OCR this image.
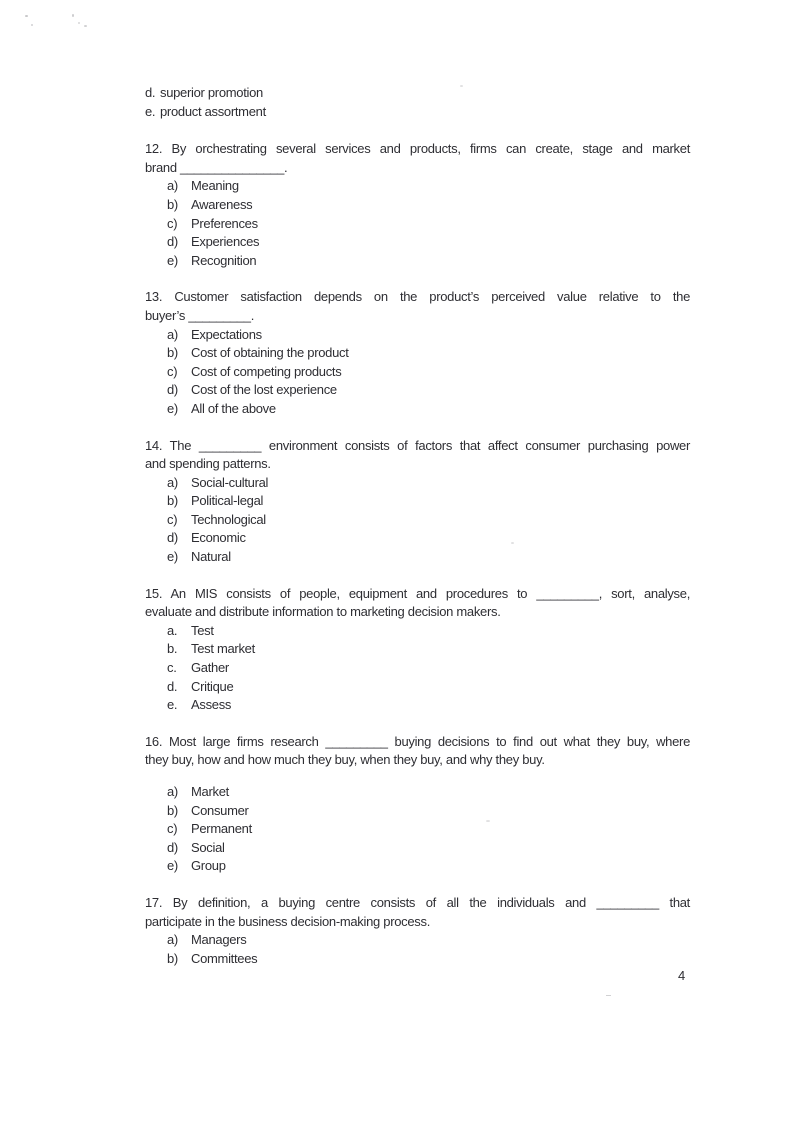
d. superior promotion
e. product assortment

12. By orchestrating several services and products, firms can create, stage and market
brand _______________.

a) Meaning
b) Awareness
c) Preferences
d) Experiences
e) Recognition

13. Customer satisfaction depends on the product’s perceived value relative to the
buyer’s _________.

a) Expectations
b) Cost of obtaining the product
c) Cost of competing products
d) Cost of the lost experience
e) All of the above

14. The _________ environment consists of factors that affect consumer purchasing power
and spending patterns.

a) Social-cultural
b) Political-legal
c) Technological
d) Economic
e) Natural

15. An MIS consists of people, equipment and procedures to _________, sort, analyse,
evaluate and distribute information to marketing decision makers.

a. Test
b. Test market
c. Gather
d. Critique
e. Assess

16. Most large firms research _________ buying decisions to find out what they buy, where
they buy, how and how much they buy, when they buy, and why they buy.

a) Market
b) Consumer
c) Permanent
d) Social
e) Group

17. By definition, a buying centre consists of all the individuals and _________ that
participate in the business decision-making process.

a) Managers
b) Committees
4
